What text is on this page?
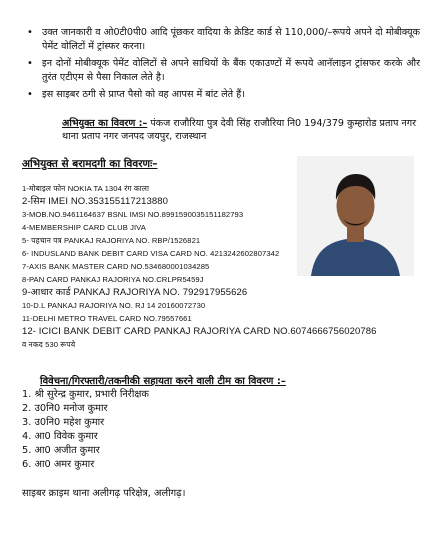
• उक्त जानकारी व ओ0टी0पी0 आदि पूंछकर वादिया के क्रेडिट कार्ड से 110,000/–रूपये अपने दो मोबीक्यूक पेमेंट वोलिटों में ट्रांस्फर करना।
• इन दोनों मोबीक्यूक पेमेंट वोलिटों से अपने साथियों के बैंक एकाउण्टों में रूपये आनॅलाइन ट्रांसफर करके और तुरंत एटीएम से पैसा निकाल लेते है।
• इस साइबर ठगी से प्राप्त पैसो को वह आपस में बांट लेते हैं।
अभियुक्त का विवरण :– पंकज राजौरिया पुत्र देवी सिंह राजौरिया नि0 194/379 कुम्हारोड प्रताप नगर थाना प्रताप नगर जनपद जयपुर, राजस्थान
अभियुक्त से बरामदगी का विवरणः–
1-मोबाइल फोन NOKIA TA 1304 रंग काला
2-सिम IMEI NO.353155117213880
3-MOB.NO.9461164637 BSNL IMSI NO.8991590035151182793
4-MEMBERSHIP CARD CLUB JIVA
5- पहचान पत्र PANKAJ RAJORIYA NO. RBP/1526821
6- INDUSLAND BANK DEBIT CARD VISA CARD NO. 4213242602807342
7-AXIS BANK MASTER CARD NO.534680001034285
8-PAN CARD PANKAJ RAJORIYA NO.CRLPR5459J
9-आधार कार्ड PANKAJ RAJORIYA NO. 792917955626
10-D.L PANKAJ RAJORIYA NO. RJ 14 20160072730
11-DELHI METRO TRAVEL CARD NO.79557661
12- ICICI BANK DEBIT CARD PANKAJ RAJORIYA CARD NO.6074666756020786
व नकद 530 रूपये
विवेचना/गिरफ्तारी/तकनीकी सहायता करने वाली टीम का विवरण :–
1. श्री सुरेन्द्र कुमार, प्रभारी निरीक्षक
2. उ0नि0 मनोज कुमार
3. उ0नि0 महेश कुमार
4. आ0 विवेक कुमार
5. आ0 अजीत कुमार
6. आ0 अमर कुमार
साइबर क्राइम थाना अलीगढ़ परिक्षेत्र, अलीगढ़।
